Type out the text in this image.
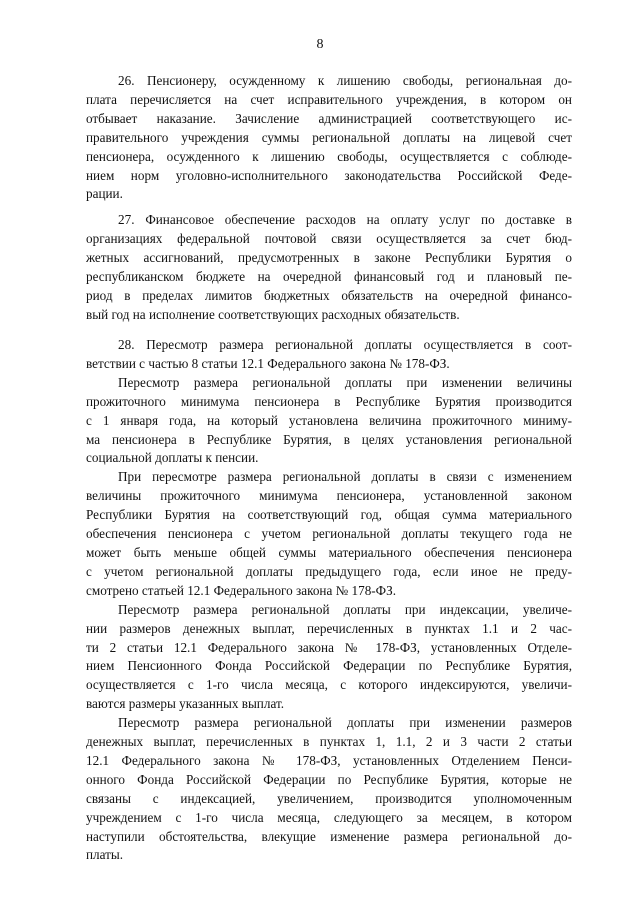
8
26. Пенсионеру, осужденному к лишению свободы, региональная до-
плата перечисляется на счет исправительного учреждения, в котором он
отбывает наказание. Зачисление администрацией соответствующего ис-
правительного учреждения суммы региональной доплаты на лицевой счет
пенсионера, осужденного к лишению свободы, осуществляется с соблюде-
нием норм уголовно-исполнительного законодательства Российской Феде-
рации.
27. Финансовое обеспечение расходов на оплату услуг по доставке в
организациях федеральной почтовой связи осуществляется за счет бюд-
жетных ассигнований, предусмотренных в законе Республики Бурятия о
республиканском бюджете на очередной финансовый год и плановый пе-
риод в пределах лимитов бюджетных обязательств на очередной финансо-
вый год на исполнение соответствующих расходных обязательств.
28. Пересмотр размера региональной доплаты осуществляется в соот-
ветствии с частью 8 статьи 12.1 Федерального закона № 178-ФЗ.
Пересмотр размера региональной доплаты при изменении величины
прожиточного минимума пенсионера в Республике Бурятия производится
с 1 января года, на который установлена величина прожиточного миниму-
ма пенсионера в Республике Бурятия, в целях установления региональной
социальной доплаты к пенсии.
При пересмотре размера региональной доплаты в связи с изменением
величины прожиточного минимума пенсионера, установленной законом
Республики Бурятия на соответствующий год, общая сумма материального
обеспечения пенсионера с учетом региональной доплаты текущего года не
может быть меньше общей суммы материального обеспечения пенсионера
с учетом региональной доплаты предыдущего года, если иное не преду-
смотрено статьей 12.1 Федерального закона № 178-ФЗ.
Пересмотр размера региональной доплаты при индексации, увеличе-
нии размеров денежных выплат, перечисленных в пунктах 1.1 и 2 час-
ти 2 статьи 12.1 Федерального закона № 178-ФЗ, установленных Отделе-
нием Пенсионного Фонда Российской Федерации по Республике Бурятия,
осуществляется с 1-го числа месяца, с которого индексируются, увеличи-
ваются размеры указанных выплат.
Пересмотр размера региональной доплаты при изменении размеров
денежных выплат, перечисленных в пунктах 1, 1.1, 2 и 3 части 2 статьи
12.1 Федерального закона № 178-ФЗ, установленных Отделением Пенси-
онного Фонда Российской Федерации по Республике Бурятия, которые не
связаны с индексацией, увеличением, производится уполномоченным
учреждением с 1-го числа месяца, следующего за месяцем, в котором
наступили обстоятельства, влекущие изменение размера региональной до-
платы.
